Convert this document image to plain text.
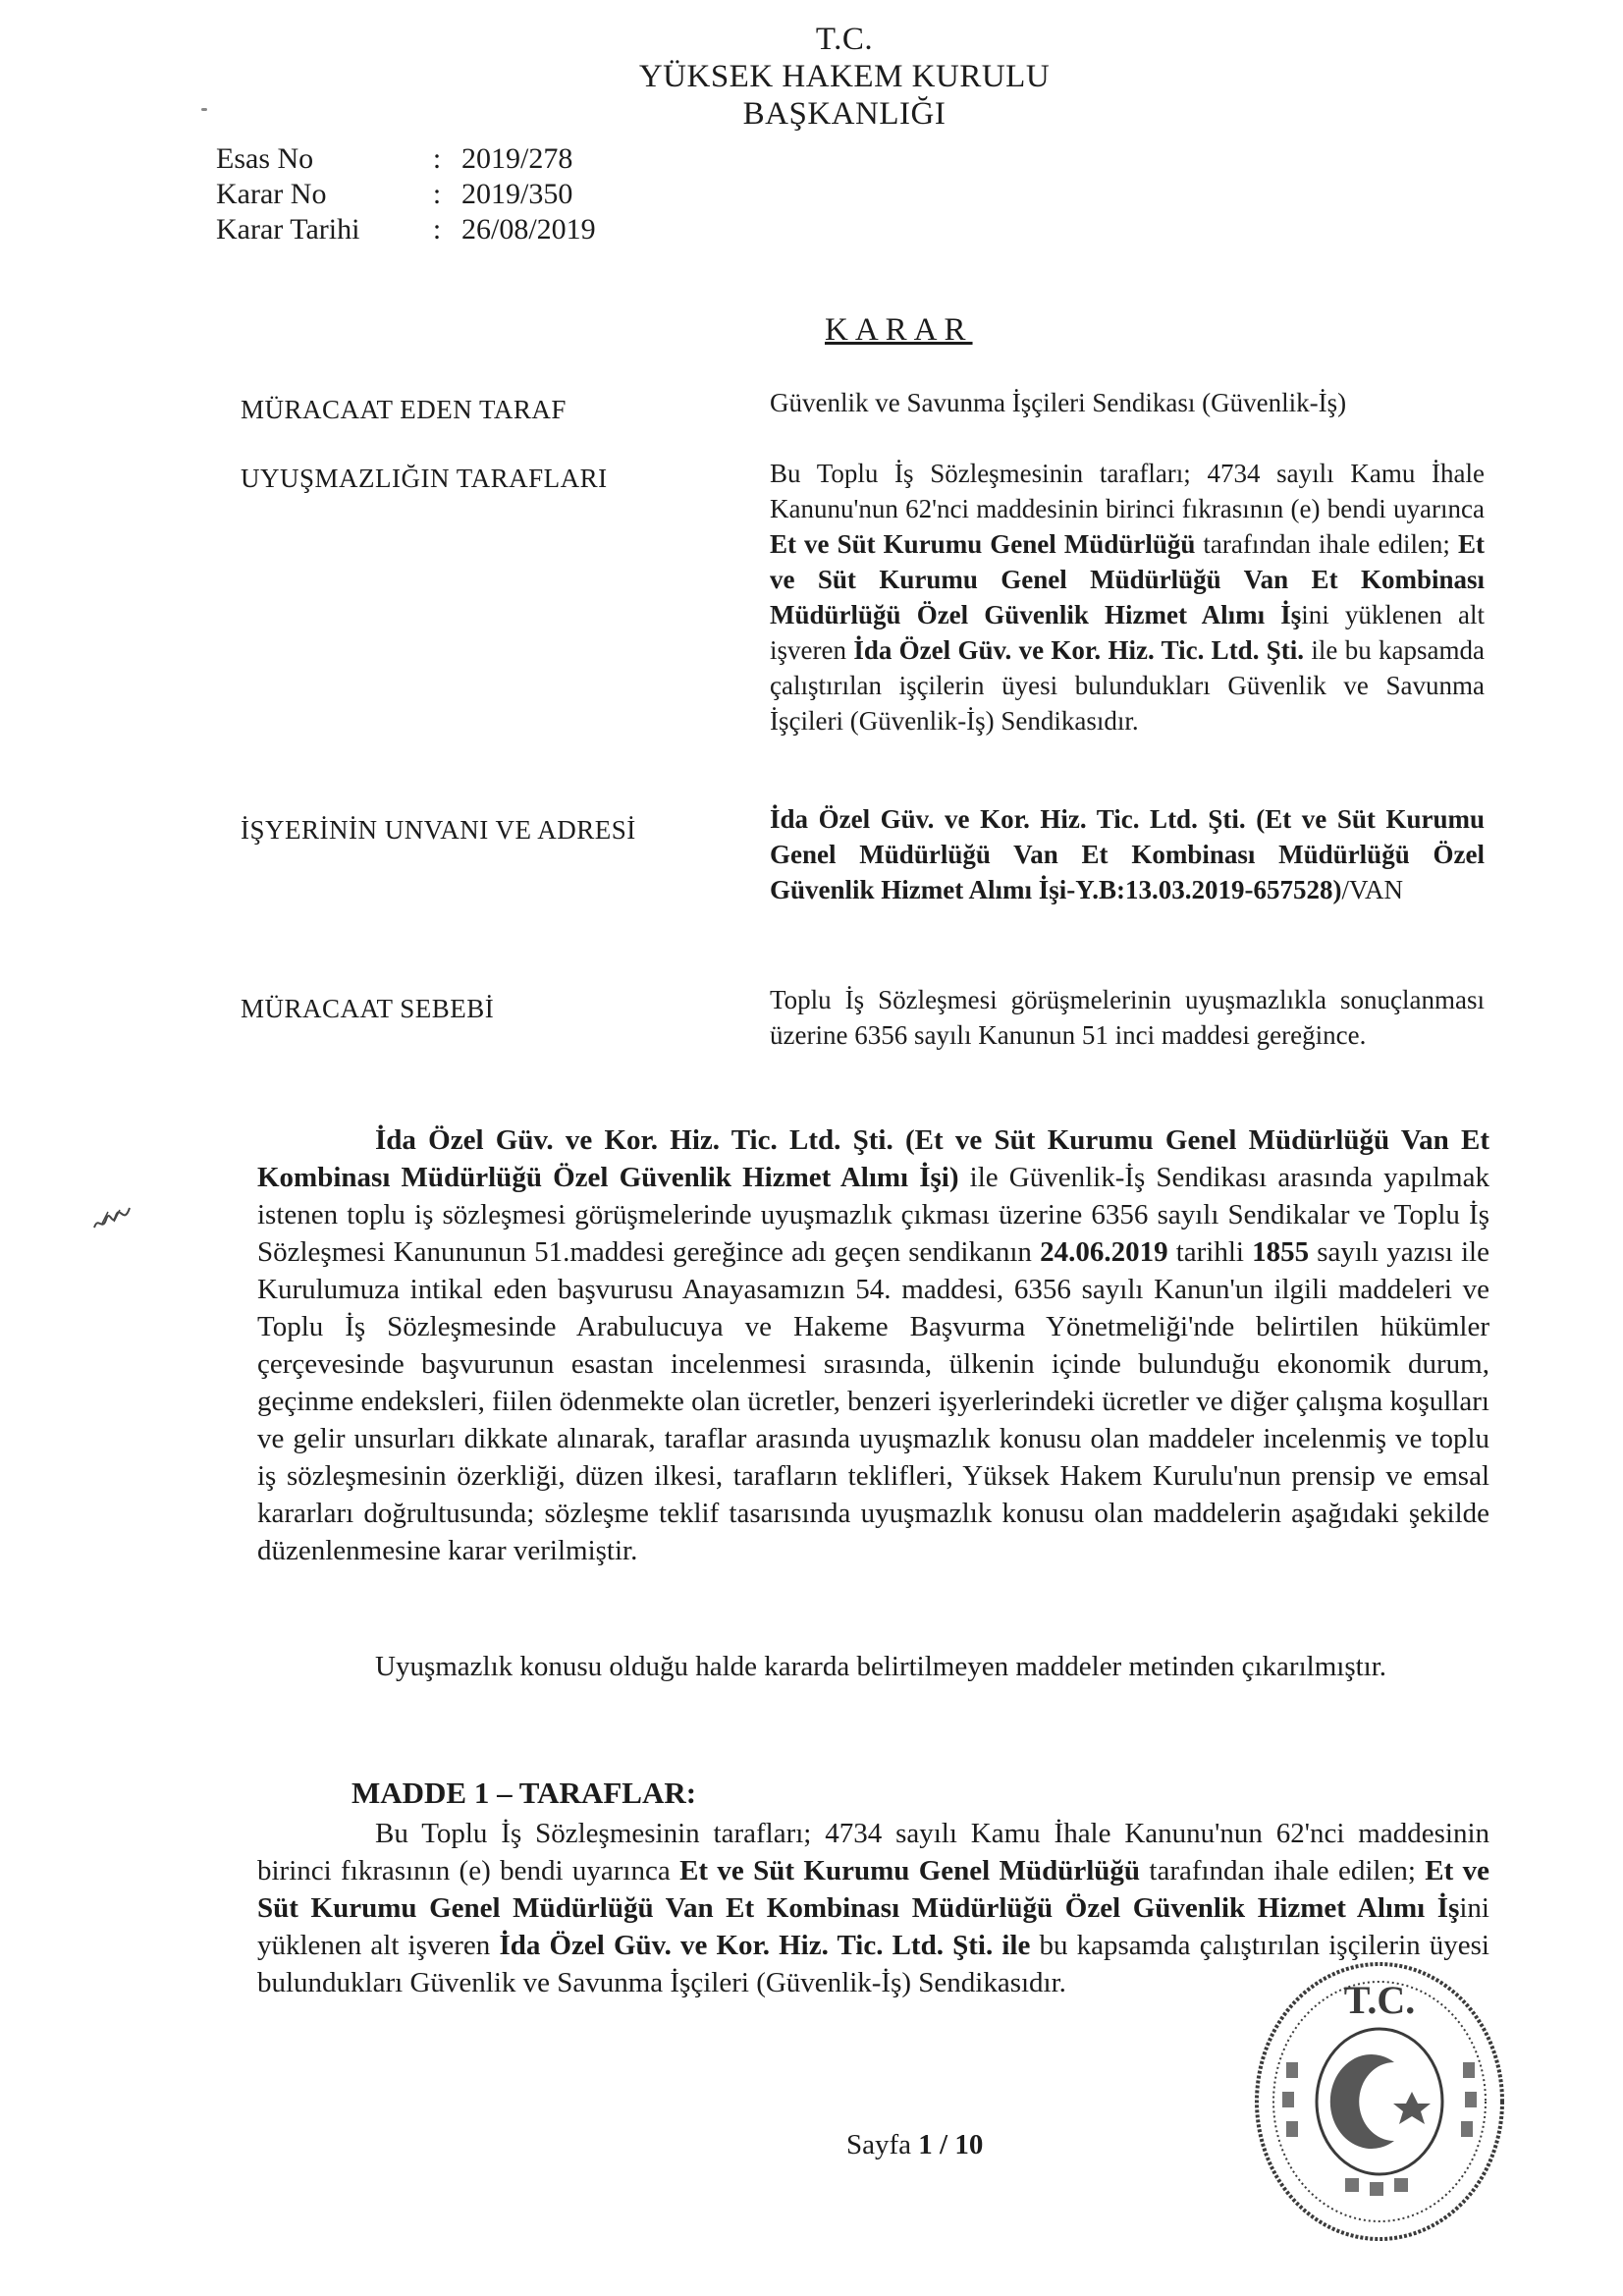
T.C.
YÜKSEK HAKEM KURULU
BAŞKANLIĞI
Esas No	: 2019/278
Karar No	: 2019/350
Karar Tarihi : 26/08/2019
KARAR
MÜRACAAT EDEN TARAF	Güvenlik ve Savunma İşçileri Sendikası (Güvenlik-İş)
UYUŞMAZLIĞIN TARAFLARI	Bu Toplu İş Sözleşmesinin tarafları; 4734 sayılı Kamu İhale Kanunu'nun 62'nci maddesinin birinci fıkrasının (e) bendi uyarınca Et ve Süt Kurumu Genel Müdürlüğü tarafından ihale edilen; Et ve Süt Kurumu Genel Müdürlüğü Van Et Kombinası Müdürlüğü Özel Güvenlik Hizmet Alımı İşini yüklenen alt işveren İda Özel Güv. ve Kor. Hiz. Tic. Ltd. Şti. ile bu kapsamda çalıştırılan işçilerin üyesi bulundukları Güvenlik ve Savunma İşçileri (Güvenlik-İş) Sendikasıdır.
İŞYERİNİN UNVANI VE ADRESİ	İda Özel Güv. ve Kor. Hiz. Tic. Ltd. Şti. (Et ve Süt Kurumu Genel Müdürlüğü Van Et Kombinası Müdürlüğü Özel Güvenlik Hizmet Alımı İşi-Y.B:13.03.2019-657528)/VAN
MÜRACAAT SEBEBİ	Toplu İş Sözleşmesi görüşmelerinin uyuşmazlıkla sonuçlanması üzerine 6356 sayılı Kanunun 51 inci maddesi gereğince.
İda Özel Güv. ve Kor. Hiz. Tic. Ltd. Şti. (Et ve Süt Kurumu Genel Müdürlüğü Van Et Kombinası Müdürlüğü Özel Güvenlik Hizmet Alımı İşi) ile Güvenlik-İş Sendikası arasında yapılmak istenen toplu iş sözleşmesi görüşmelerinde uyuşmazlık çıkması üzerine 6356 sayılı Sendikalar ve Toplu İş Sözleşmesi Kanununun 51.maddesi gereğince adı geçen sendikanın 24.06.2019 tarihli 1855 sayılı yazısı ile Kurulumuza intikal eden başvurusu Anayasamızın 54. maddesi, 6356 sayılı Kanun'un ilgili maddeleri ve Toplu İş Sözleşmesinde Arabulucuya ve Hakeme Başvurma Yönetmeliği'nde belirtilen hükümler çerçevesinde başvurunun esastan incelenmesi sırasında, ülkenin içinde bulunduğu ekonomik durum, geçinme endeksleri, fiilen ödenmekte olan ücretler, benzeri işyerlerindeki ücretler ve diğer çalışma koşulları ve gelir unsurları dikkate alınarak, taraflar arasında uyuşmazlık konusu olan maddeler incelenmiş ve toplu iş sözleşmesinin özerkliği, düzen ilkesi, tarafların teklifleri, Yüksek Hakem Kurulu'nun prensip ve emsal kararları doğrultusunda; sözleşme teklif tasarısında uyuşmazlık konusu olan maddelerin aşağıdaki şekilde düzenlenmesine karar verilmiştir.
Uyuşmazlık konusu olduğu halde kararda belirtilmeyen maddeler metinden çıkarılmıştır.
MADDE 1 – TARAFLAR:
Bu Toplu İş Sözleşmesinin tarafları; 4734 sayılı Kamu İhale Kanunu'nun 62'nci maddesinin birinci fıkrasının (e) bendi uyarınca Et ve Süt Kurumu Genel Müdürlüğü tarafından ihale edilen; Et ve Süt Kurumu Genel Müdürlüğü Van Et Kombinası Müdürlüğü Özel Güvenlik Hizmet Alımı İşini yüklenen alt işveren İda Özel Güv. ve Kor. Hiz. Tic. Ltd. Şti. ile bu kapsamda çalıştırılan işçilerin üyesi bulundukları Güvenlik ve Savunma İşçileri (Güvenlik-İş) Sendikasıdır.	T.C.
Sayfa 1 / 10
